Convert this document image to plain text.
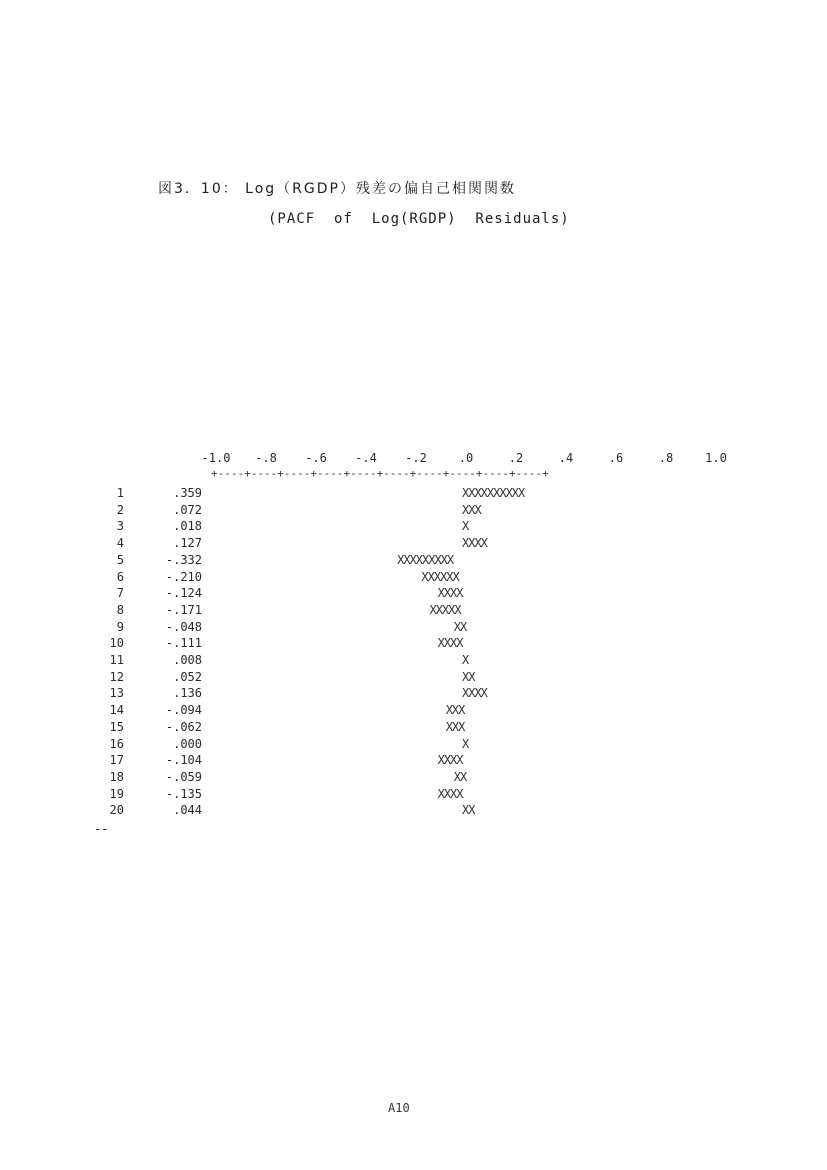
図3．10： Log（RGDP）残差の偏自己相関関数
(PACF  of  Log(RGDP)  Residuals)
-1.0 -.8 -.6 -.4 -.2	.0	.2	.4	.6	.8	1.0
+----+----+----+----+----+----+----+----+----+----+
1	.359	XXXXXXXXXX
2	.072	XXX
3	.018	X
4	.127	XXXX
5	-.332	XXXXXXXXX
6	-.210	XXXXXX
7	-.124	XXXX
8	-.171	XXXXX
9	-.048	XX
10	-.111	XXXX
11	.008	X
12	.052	XX
13	.136	XXXX
14	-.094	XXX
15	-.062	XXX
16	.000	X
17	-.104	XXXX
18	-.059	XX
19	-.135	XXXX
20	.044	XX
--
A10
